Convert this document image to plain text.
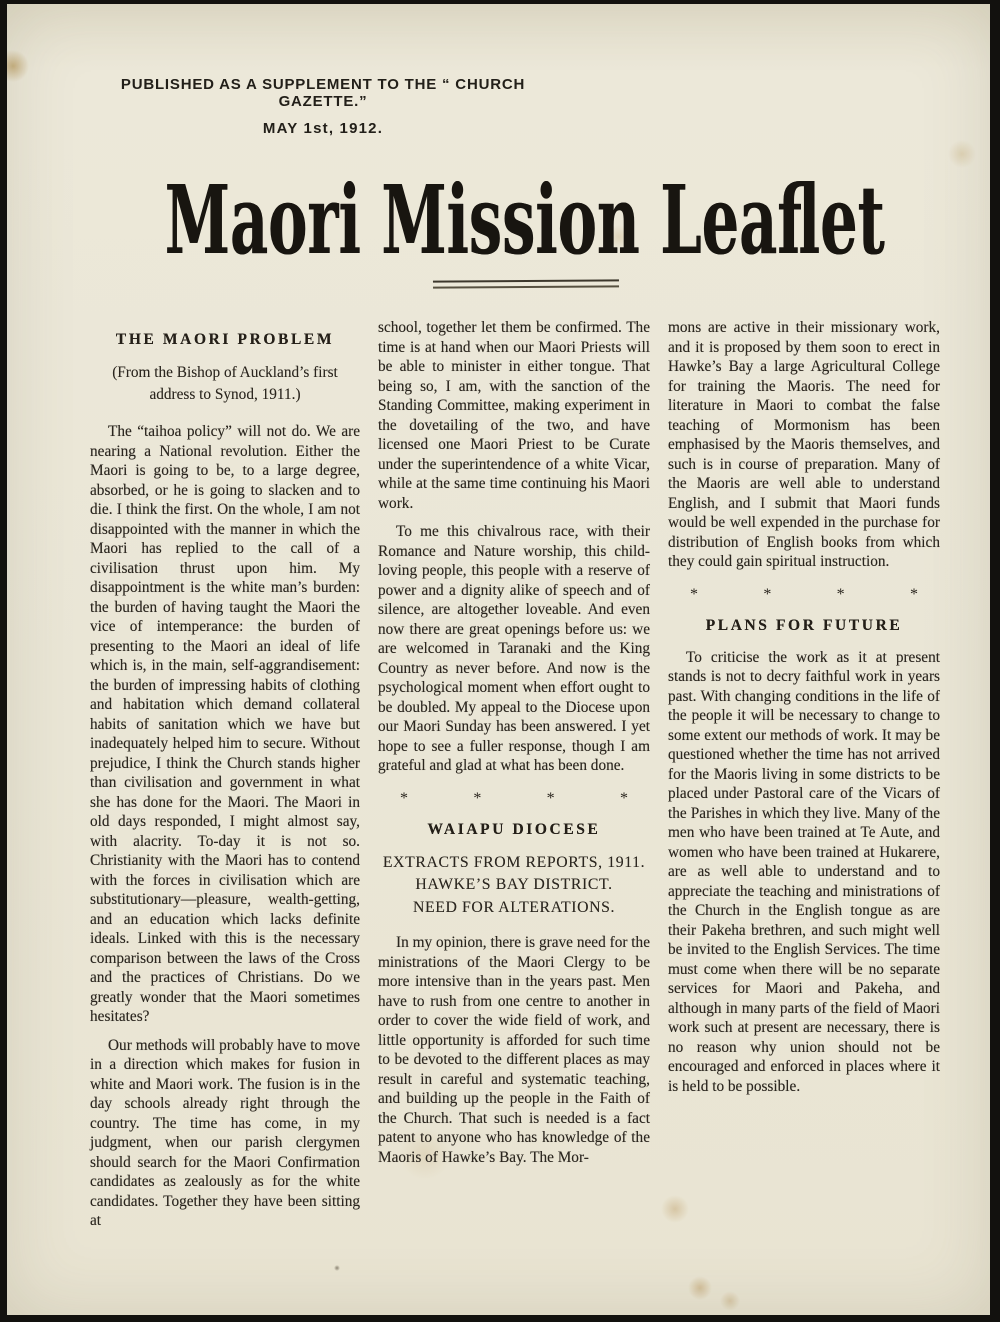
PUBLISHED AS A SUPPLEMENT TO THE “ CHURCH GAZETTE.”
MAY 1st, 1912.
Maori Mission Leaflet
THE MAORI PROBLEM
(From the Bishop of Auckland’s first
address to Synod, 1911.)

The “taihoa policy” will not do. We are nearing a National revolution. Either the Maori is going to be, to a large degree, absorbed, or he is going to slacken and to die. I think the first. On the whole, I am not disappointed with the manner in which the Maori has replied to the call of a civilisation thrust upon him. My disappointment is the white man’s burden: the burden of having taught the Maori the vice of intemperance: the burden of presenting to the Maori an ideal of life which is, in the main, self-aggrandisement: the burden of impressing habits of clothing and habitation which demand collateral habits of sanitation which we have but inadequately helped him to secure. Without prejudice, I think the Church stands higher than civilisation and government in what she has done for the Maori. The Maori in old days responded, I might almost say, with alacrity. To-day it is not so. Christianity with the Maori has to contend with the forces in civilisation which are substitutionary—pleasure, wealth-getting, and an education which lacks definite ideals. Linked with this is the necessary comparison between the laws of the Cross and the practices of Christians. Do we greatly wonder that the Maori sometimes hesitates?

Our methods will probably have to move in a direction which makes for fusion in white and Maori work. The fusion is in the day schools already right through the country. The time has come, in my judgment, when our parish clergymen should search for the Maori Confirmation candidates as zealously as for the white candidates. Together they have been sitting at

school, together let them be confirmed. The time is at hand when our Maori Priests will be able to minister in either tongue. That being so, I am, with the sanction of the Standing Committee, making experiment in the dovetailing of the two, and have licensed one Maori Priest to be Curate under the superintendence of a white Vicar, while at the same time continuing his Maori work.

To me this chivalrous race, with their Romance and Nature worship, this child-loving people, this people with a reserve of power and a dignity alike of speech and of silence, are altogether loveable. And even now there are great openings before us: we are welcomed in Taranaki and the King Country as never before. And now is the psychological moment when effort ought to be doubled. My appeal to the Diocese upon our Maori Sunday has been answered. I yet hope to see a fuller response, though I am grateful and glad at what has been done.

*	*	*	*
WAIAPU DIOCESE
EXTRACTS FROM REPORTS, 1911.
HAWKE’S BAY DISTRICT.
NEED FOR ALTERATIONS.

In my opinion, there is grave need for the ministrations of the Maori Clergy to be more intensive than in the years past. Men have to rush from one centre to another in order to cover the wide field of work, and little opportunity is afforded for such time to be devoted to the different places as may result in careful and systematic teaching, and building up the people in the Faith of the Church. That such is needed is a fact patent to anyone who has knowledge of the Maoris of Hawke’s Bay. The Mor-

mons are active in their missionary work, and it is proposed by them soon to erect in Hawke’s Bay a large Agricultural College for training the Maoris. The need for literature in Maori to combat the false teaching of Mormonism has been emphasised by the Maoris themselves, and such is in course of preparation. Many of the Maoris are well able to understand English, and I submit that Maori funds would be well expended in the purchase for distribution of English books from which they could gain spiritual instruction.

*	*	*	*
PLANS FOR FUTURE

To criticise the work as it at present stands is not to decry faithful work in years past. With changing conditions in the life of the people it will be necessary to change to some extent our methods of work. It may be questioned whether the time has not arrived for the Maoris living in some districts to be placed under Pastoral care of the Vicars of the Parishes in which they live. Many of the men who have been trained at Te Aute, and women who have been trained at Hukarere, are as well able to understand and to appreciate the teaching and ministrations of the Church in the English tongue as are their Pakeha brethren, and such might well be invited to the English Services. The time must come when there will be no separate services for Maori and Pakeha, and although in many parts of the field of Maori work such at present are necessary, there is no reason why union should not be encouraged and enforced in places where it is held to be possible.
